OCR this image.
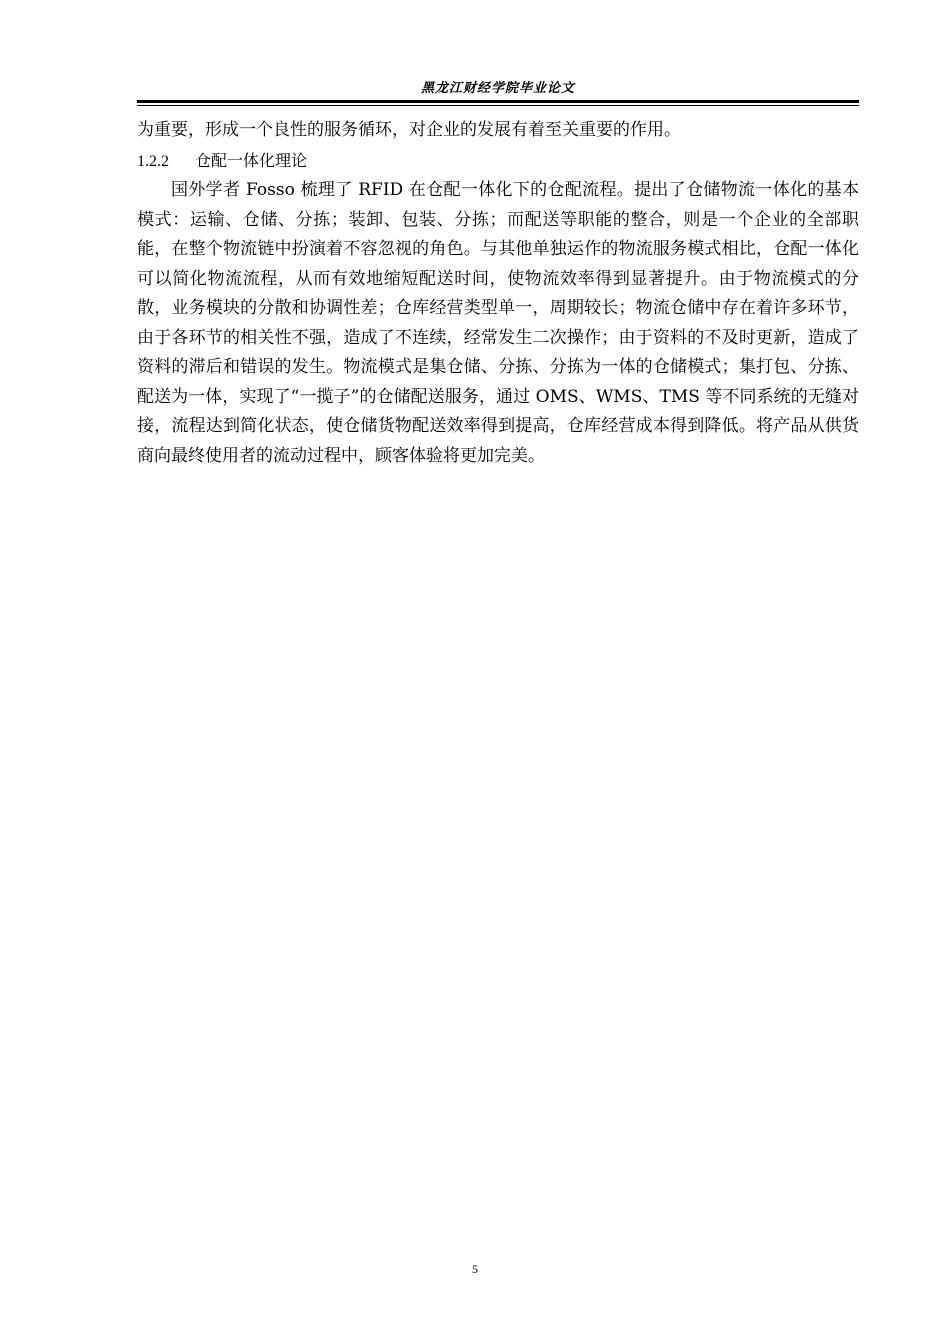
黑龙江财经学院毕业论文

为重要，形成一个良性的服务循环，对企业的发展有着至关重要的作用。

1.2.2 仓配一体化理论

国外学者 Fosso 梳理了 RFID 在仓配一体化下的仓配流程。提出了仓储物流一体化的基本模式：运输、仓储、分拣；装卸、包装、分拣；而配送等职能的整合，则是一个企业的全部职能，在整个物流链中扮演着不容忽视的角色。与其他单独运作的物流服务模式相比，仓配一体化可以简化物流流程，从而有效地缩短配送时间，使物流效率得到显著提升。由于物流模式的分散，业务模块的分散和协调性差；仓库经营类型单一，周期较长；物流仓储中存在着许多环节，由于各环节的相关性不强，造成了不连续，经常发生二次操作；由于资料的不及时更新，造成了资料的滞后和错误的发生。物流模式是集仓储、分拣、分拣为一体的仓储模式；集打包、分拣、配送为一体，实现了“一揽子”的仓储配送服务，通过 OMS、WMS、TMS 等不同系统的无缝对接，流程达到简化状态，使仓储货物配送效率得到提高，仓库经营成本得到降低。将产品从供货商向最终使用者的流动过程中，顾客体验将更加完美。

5
